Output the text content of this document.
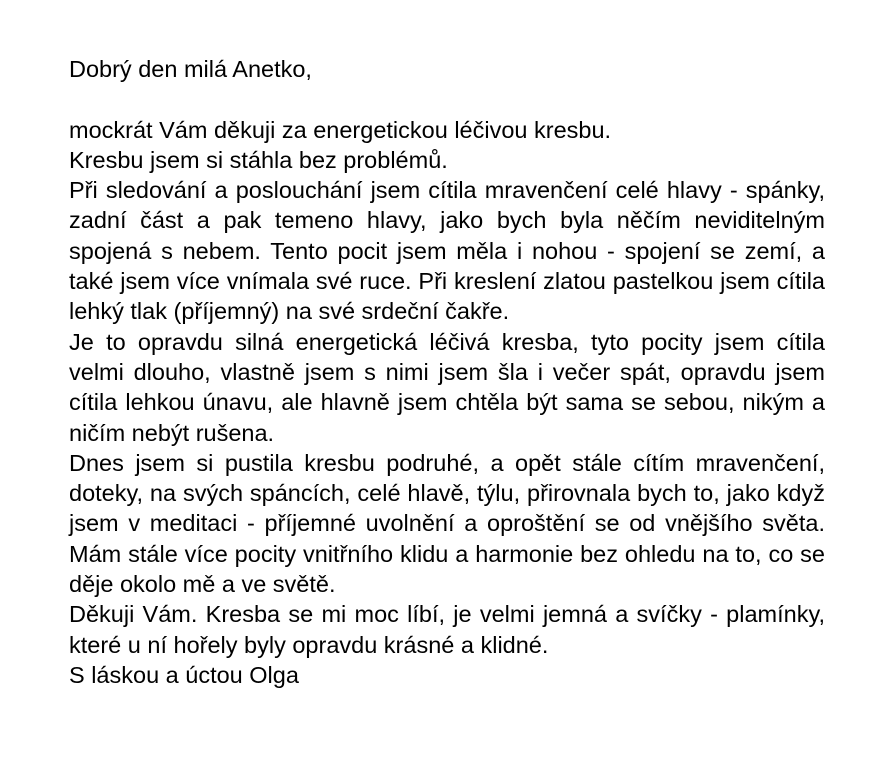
Dobrý den milá Anetko,

mockrát Vám děkuji za energetickou léčivou kresbu.

Kresbu jsem si stáhla bez problémů.

Při sledování a poslouchání jsem cítila mravenčení celé hlavy - spánky, zadní část a pak temeno hlavy, jako bych byla něčím neviditelným spojená s nebem. Tento pocit jsem měla i nohou - spojení se zemí, a také jsem více vnímala své ruce. Při kreslení zlatou pastelkou jsem cítila lehký tlak (příjemný) na své srdeční čakře.

Je to opravdu silná energetická léčivá kresba, tyto pocity jsem cítila velmi dlouho, vlastně jsem s nimi jsem šla i večer spát, opravdu jsem cítila lehkou únavu, ale hlavně jsem chtěla být sama se sebou, nikým a ničím nebýt rušena.

Dnes jsem si pustila kresbu podruhé, a opět stále cítím mravenčení, doteky, na svých spáncích, celé hlavě, týlu, přirovnala bych to, jako když jsem v meditaci - příjemné uvolnění a oproštění se od vnějšího světa. Mám stále více pocity vnitřního klidu a harmonie bez ohledu na to, co se děje okolo mě a ve světě.

Děkuji Vám. Kresba se mi moc líbí, je velmi jemná a svíčky - plamínky, které u ní hořely byly opravdu krásné a klidné.

S láskou a úctou Olga
